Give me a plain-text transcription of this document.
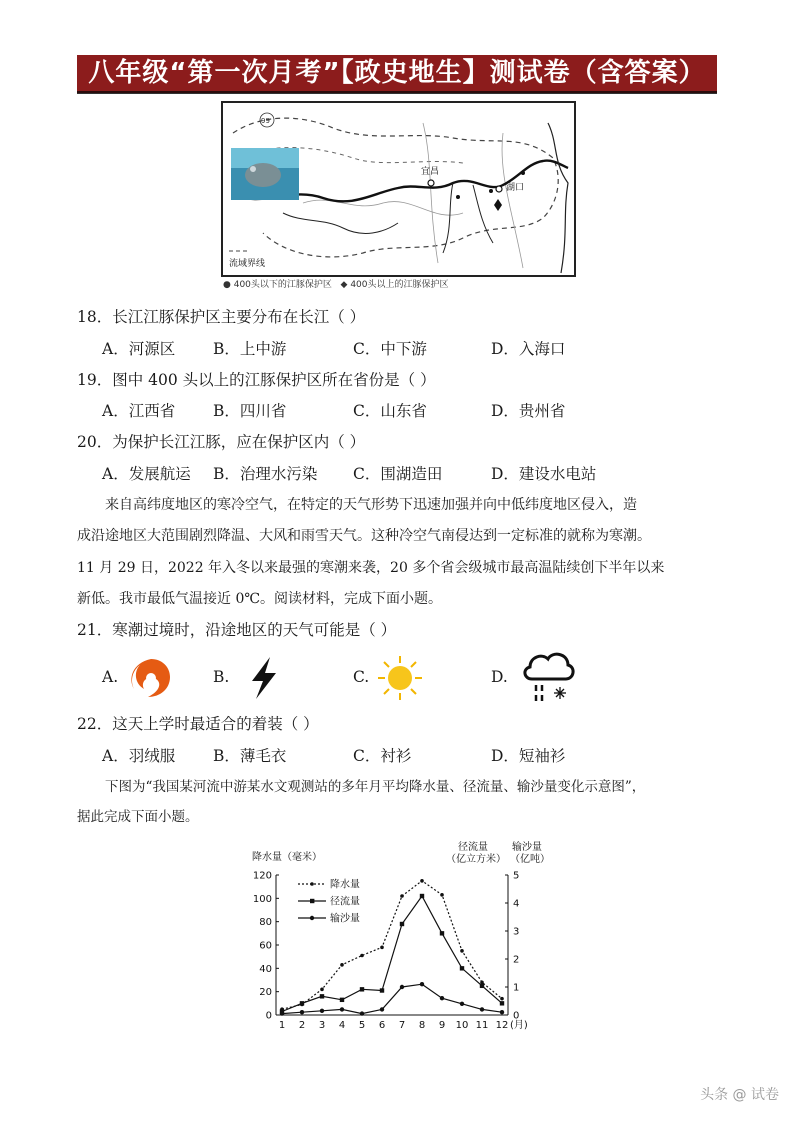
八年级“第一次月考”【政史地生】测试卷（含答案）
宜昌
湖口
99
流域界线
● 400头以下的江豚保护区 ◆ 400头以上的江豚保护区
18．长江江豚保护区主要分布在长江（ ）
A．河源区 B．上中游	C．中下游	D．入海口
19．图中 400 头以上的江豚保护区所在省份是（ ）
A．江西省 B．四川省	C．山东省	D．贵州省
20．为保护长江江豚，应在保护区内（ ）
A．发展航运 B．治理水污染 C．围湖造田	D．建设水电站
来自高纬度地区的寒冷空气，在特定的天气形势下迅速加强并向中低纬度地区侵入，造
成沿途地区大范围剧烈降温、大风和雨雪天气。这种冷空气南侵达到一定标准的就称为寒潮。
11 月 29 日，2022 年入冬以来最强的寒潮来袭，20 多个省会级城市最高温陆续创下半年以来
新低。我市最低气温接近 0℃。阅读材料，完成下面小题。
21．寒潮过境时，沿途地区的天气可能是（ ）
A.	B.	C.	D.
22．这天上学时最适合的着装（ ）
A．羽绒服 B．薄毛衣	C．衬衫	D．短袖衫
下图为“我国某河流中游某水文观测站的多年月平均降水量、径流量、输沙量变化示意图”，
据此完成下面小题。
降水量（毫米）
径流量
（亿立方米）
输沙量
（亿吨）
0
20
40
60
80
100
120
0
1
2
3
4
5
1 2 3 4 5 6 7 8 9 10 11 12 (月)
降水量
径流量
输沙量
头条 @ 试卷
